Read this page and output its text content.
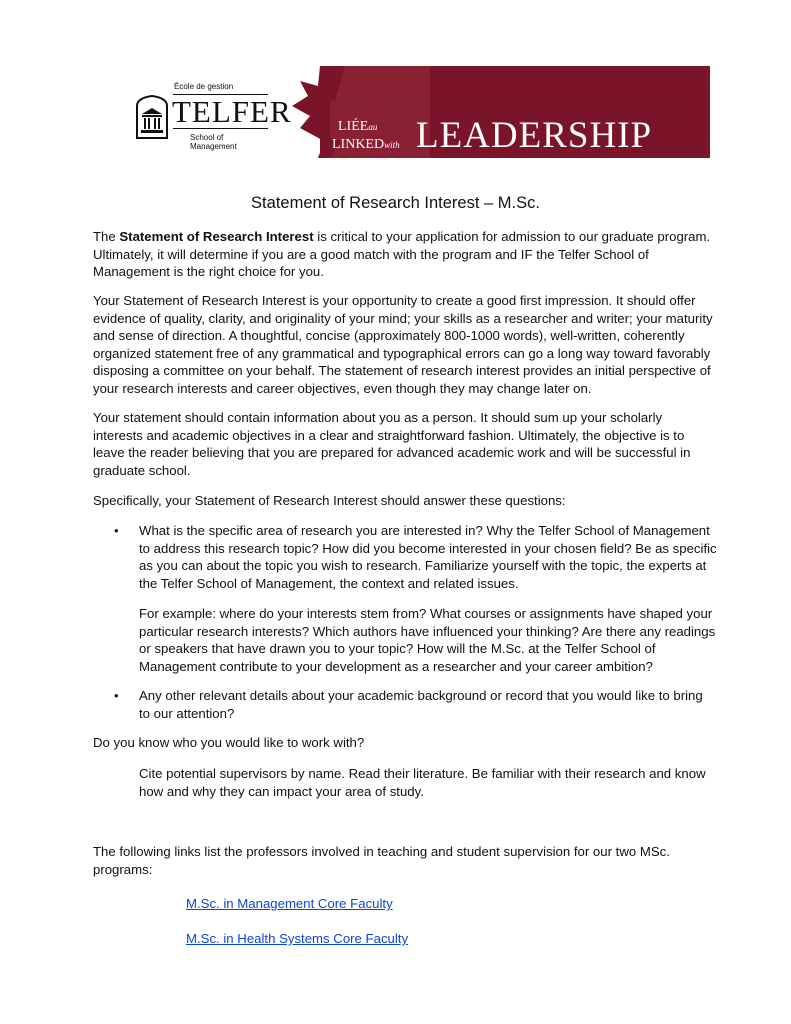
École de gestion
TELFER
School of Management
LIÉEau
LINKEDwith LEADERSHIP
Statement of Research Interest – M.Sc.
The Statement of Research Interest is critical to your application for admission to our graduate program. Ultimately, it will determine if you are a good match with the program and IF the Telfer School of Management is the right choice for you.
Your Statement of Research Interest is your opportunity to create a good first impression. It should offer evidence of quality, clarity, and originality of your mind; your skills as a researcher and writer; your maturity and sense of direction. A thoughtful, concise (approximately 800-1000 words), well-written, coherently organized statement free of any grammatical and typographical errors can go a long way toward favorably disposing a committee on your behalf. The statement of research interest provides an initial perspective of your research interests and career objectives, even though they may change later on.
Your statement should contain information about you as a person. It should sum up your scholarly interests and academic objectives in a clear and straightforward fashion. Ultimately, the objective is to leave the reader believing that you are prepared for advanced academic work and will be successful in graduate school.
Specifically, your Statement of Research Interest should answer these questions:
• What is the specific area of research you are interested in? Why the Telfer School of Management to address this research topic? How did you become interested in your chosen field? Be as specific as you can about the topic you wish to research. Familiarize yourself with the topic, the experts at the Telfer School of Management, the context and related issues.
For example: where do your interests stem from? What courses or assignments have shaped your particular research interests? Which authors have influenced your thinking? Are there any readings or speakers that have drawn you to your topic? How will the M.Sc. at the Telfer School of Management contribute to your development as a researcher and your career ambition?
• Any other relevant details about your academic background or record that you would like to bring to our attention?
Do you know who you would like to work with?
Cite potential supervisors by name. Read their literature. Be familiar with their research and know how and why they can impact your area of study.
The following links list the professors involved in teaching and student supervision for our two MSc. programs:
M.Sc. in Management Core Faculty
M.Sc. in Health Systems Core Faculty
